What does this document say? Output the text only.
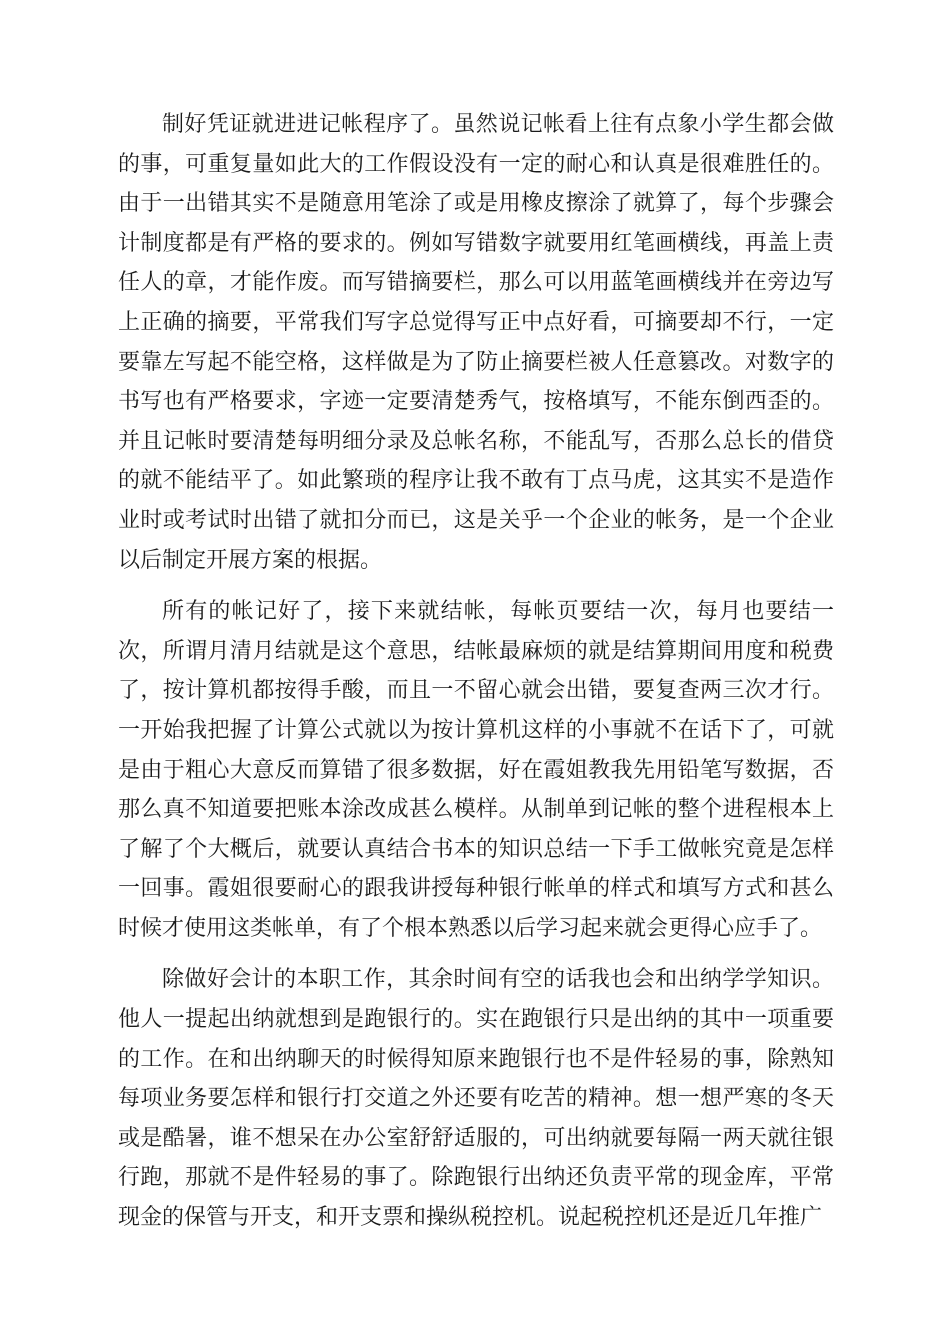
制好凭证就进进记帐程序了。虽然说记帐看上往有点象小学生都会做的事，可重复量如此大的工作假设没有一定的耐心和认真是很难胜任的。由于一出错其实不是随意用笔涂了或是用橡皮擦涂了就算了，每个步骤会计制度都是有严格的要求的。例如写错数字就要用红笔画横线，再盖上责任人的章，才能作废。而写错摘要栏，那么可以用蓝笔画横线并在旁边写上正确的摘要，平常我们写字总觉得写正中点好看，可摘要却不行，一定要靠左写起不能空格，这样做是为了防止摘要栏被人任意篡改。对数字的书写也有严格要求，字迹一定要清楚秀气，按格填写，不能东倒西歪的。并且记帐时要清楚每明细分录及总帐名称，不能乱写，否那么总长的借贷的就不能结平了。如此繁琐的程序让我不敢有丁点马虎，这其实不是造作业时或考试时出错了就扣分而已，这是关乎一个企业的帐务，是一个企业以后制定开展方案的根据。

所有的帐记好了，接下来就结帐，每帐页要结一次，每月也要结一次，所谓月清月结就是这个意思，结帐最麻烦的就是结算期间用度和税费了，按计算机都按得手酸，而且一不留心就会出错，要复查两三次才行。一开始我把握了计算公式就以为按计算机这样的小事就不在话下了，可就是由于粗心大意反而算错了很多数据，好在霞姐教我先用铅笔写数据，否那么真不知道要把账本涂改成甚么模样。从制单到记帐的整个进程根本上了解了个大概后，就要认真结合书本的知识总结一下手工做帐究竟是怎样一回事。霞姐很要耐心的跟我讲授每种银行帐单的样式和填写方式和甚么时候才使用这类帐单，有了个根本熟悉以后学习起来就会更得心应手了。

除做好会计的本职工作，其余时间有空的话我也会和出纳学学知识。他人一提起出纳就想到是跑银行的。实在跑银行只是出纳的其中一项重要的工作。在和出纳聊天的时候得知原来跑银行也不是件轻易的事，除熟知每项业务要怎样和银行打交道之外还要有吃苦的精神。想一想严寒的冬天或是酷暑，谁不想呆在办公室舒舒适服的，可出纳就要每隔一两天就往银行跑，那就不是件轻易的事了。除跑银行出纳还负责平常的现金库，平常现金的保管与开支，和开支票和操纵税控机。说起税控机还是近几年推广
